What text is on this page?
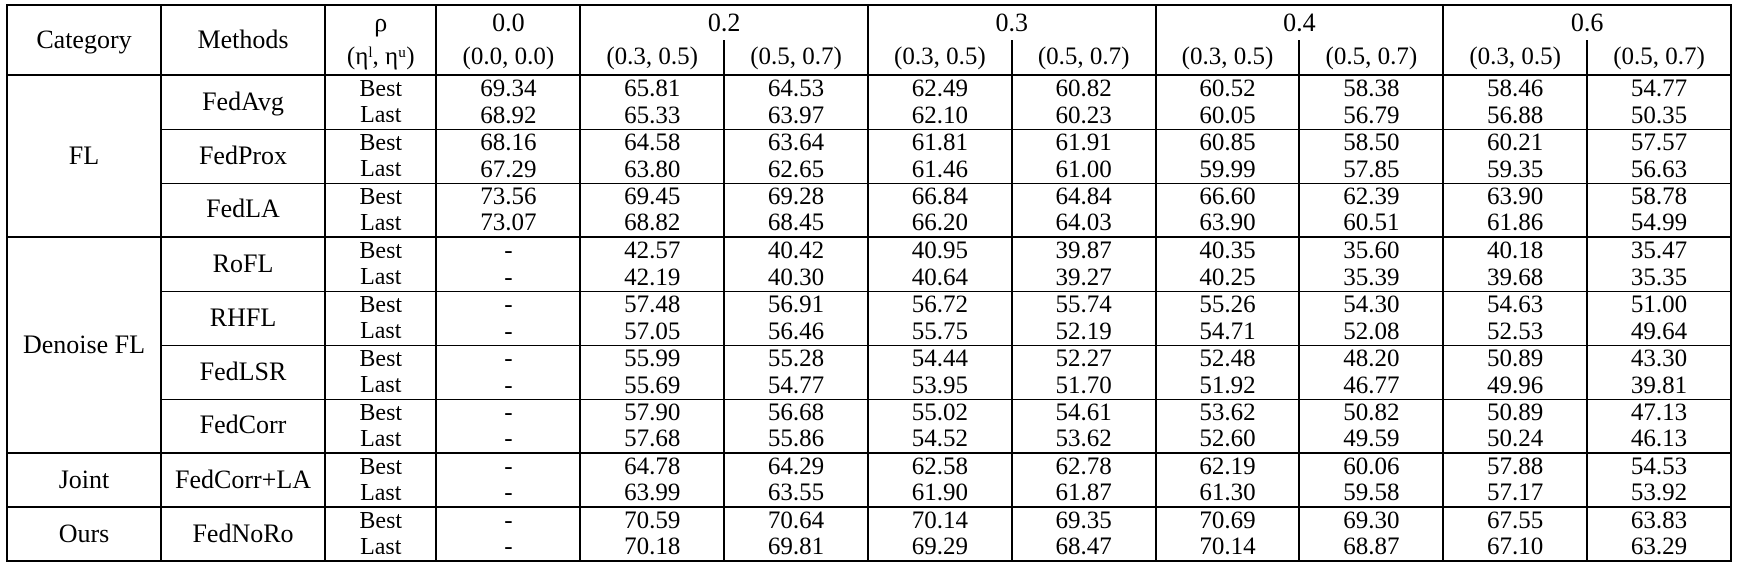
Category	Methods	ρ	0.0	0.2		0.3		0.4		0.6	
		(ηˡ, ηᵘ)	(0.0, 0.0)	(0.3, 0.5)	(0.5, 0.7)	(0.3, 0.5)	(0.5, 0.7)	(0.3, 0.5)	(0.5, 0.7)	(0.3, 0.5)	(0.5, 0.7)
FL	FedAvg	Best	69.34	65.81	64.53	62.49	60.82	60.52	58.38	58.46	54.77
		Last	68.92	65.33	63.97	62.10	60.23	60.05	56.79	56.88	50.35
	FedProx	Best	68.16	64.58	63.64	61.81	61.91	60.85	58.50	60.21	57.57
		Last	67.29	63.80	62.65	61.46	61.00	59.99	57.85	59.35	56.63
	FedLA	Best	73.56	69.45	69.28	66.84	64.84	66.60	62.39	63.90	58.78
		Last	73.07	68.82	68.45	66.20	64.03	63.90	60.51	61.86	54.99
Denoise FL	RoFL	Best	-	42.57	40.42	40.95	39.87	40.35	35.60	40.18	35.47
		Last	-	42.19	40.30	40.64	39.27	40.25	35.39	39.68	35.35
	RHFL	Best	-	57.48	56.91	56.72	55.74	55.26	54.30	54.63	51.00
		Last	-	57.05	56.46	55.75	52.19	54.71	52.08	52.53	49.64
	FedLSR	Best	-	55.99	55.28	54.44	52.27	52.48	48.20	50.89	43.30
		Last	-	55.69	54.77	53.95	51.70	51.92	46.77	49.96	39.81
	FedCorr	Best	-	57.90	56.68	55.02	54.61	53.62	50.82	50.89	47.13
		Last	-	57.68	55.86	54.52	53.62	52.60	49.59	50.24	46.13
Joint	FedCorr+LA	Best	-	64.78	64.29	62.58	62.78	62.19	60.06	57.88	54.53
		Last	-	63.99	63.55	61.90	61.87	61.30	59.58	57.17	53.92
Ours	FedNoRo	Best	-	70.59	70.64	70.14	69.35	70.69	69.30	67.55	63.83
		Last	-	70.18	69.81	69.29	68.47	70.14	68.87	67.10	63.29
